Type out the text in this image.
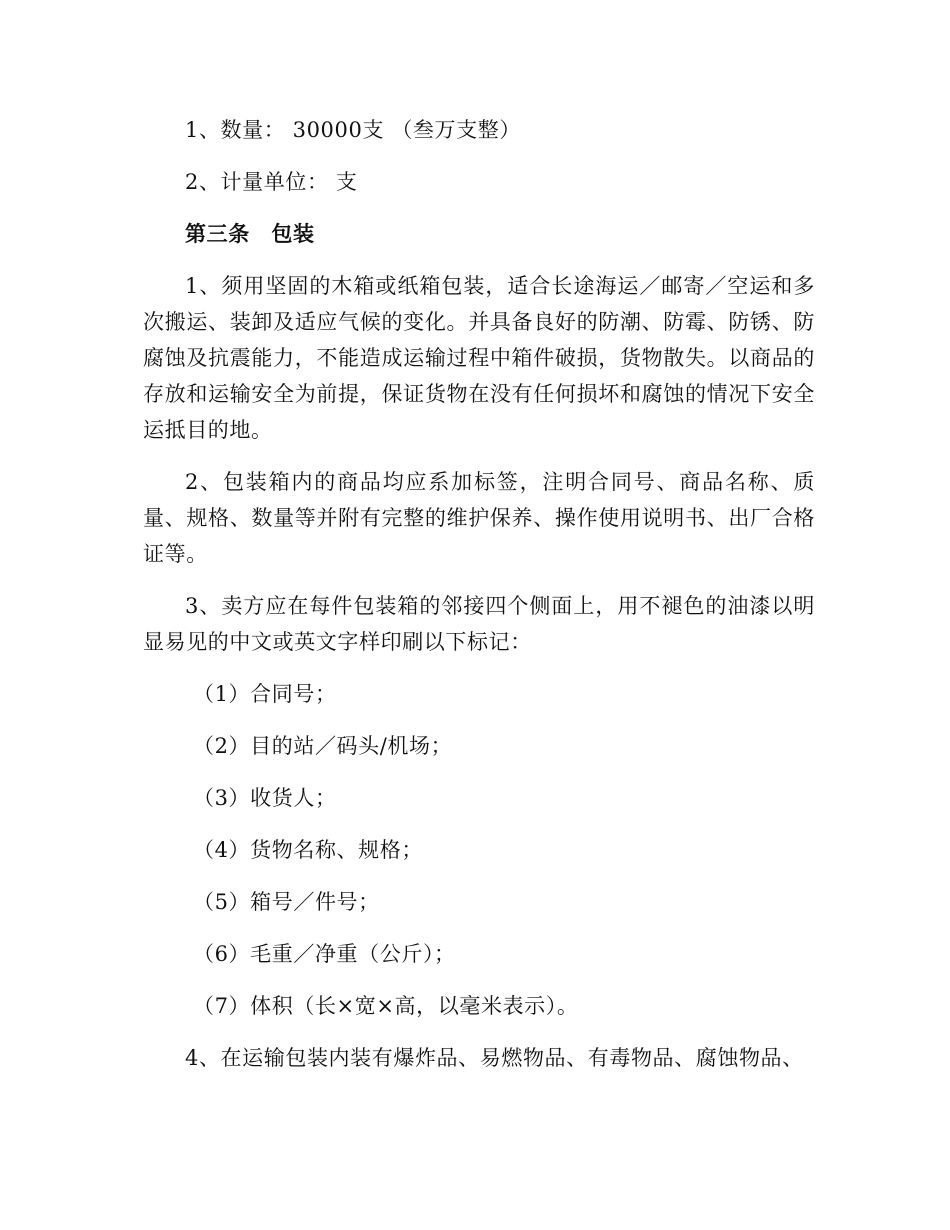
1、数量： 30000支 （叁万支整）

2、计量单位： 支

第三条　包装

1、须用坚固的木箱或纸箱包装，适合长途海运／邮寄／空运和多次搬运、装卸及适应气候的变化。并具备良好的防潮、防霉、防锈、防腐蚀及抗震能力，不能造成运输过程中箱件破损，货物散失。以商品的存放和运输安全为前提，保证货物在没有任何损坏和腐蚀的情况下安全运抵目的地。

2、包装箱内的商品均应系加标签，注明合同号、商品名称、质量、规格、数量等并附有完整的维护保养、操作使用说明书、出厂合格证等。

3、卖方应在每件包装箱的邻接四个侧面上，用不褪色的油漆以明显易见的中文或英文字样印刷以下标记：

（1）合同号；
（2）目的站／码头/机场；
（3）收货人；
（4）货物名称、规格；
（5）箱号／件号；
（6）毛重／净重（公斤）；
（7）体积（长×宽×高，以毫米表示）。

4、在运输包装内装有爆炸品、易燃物品、有毒物品、腐蚀物品、
